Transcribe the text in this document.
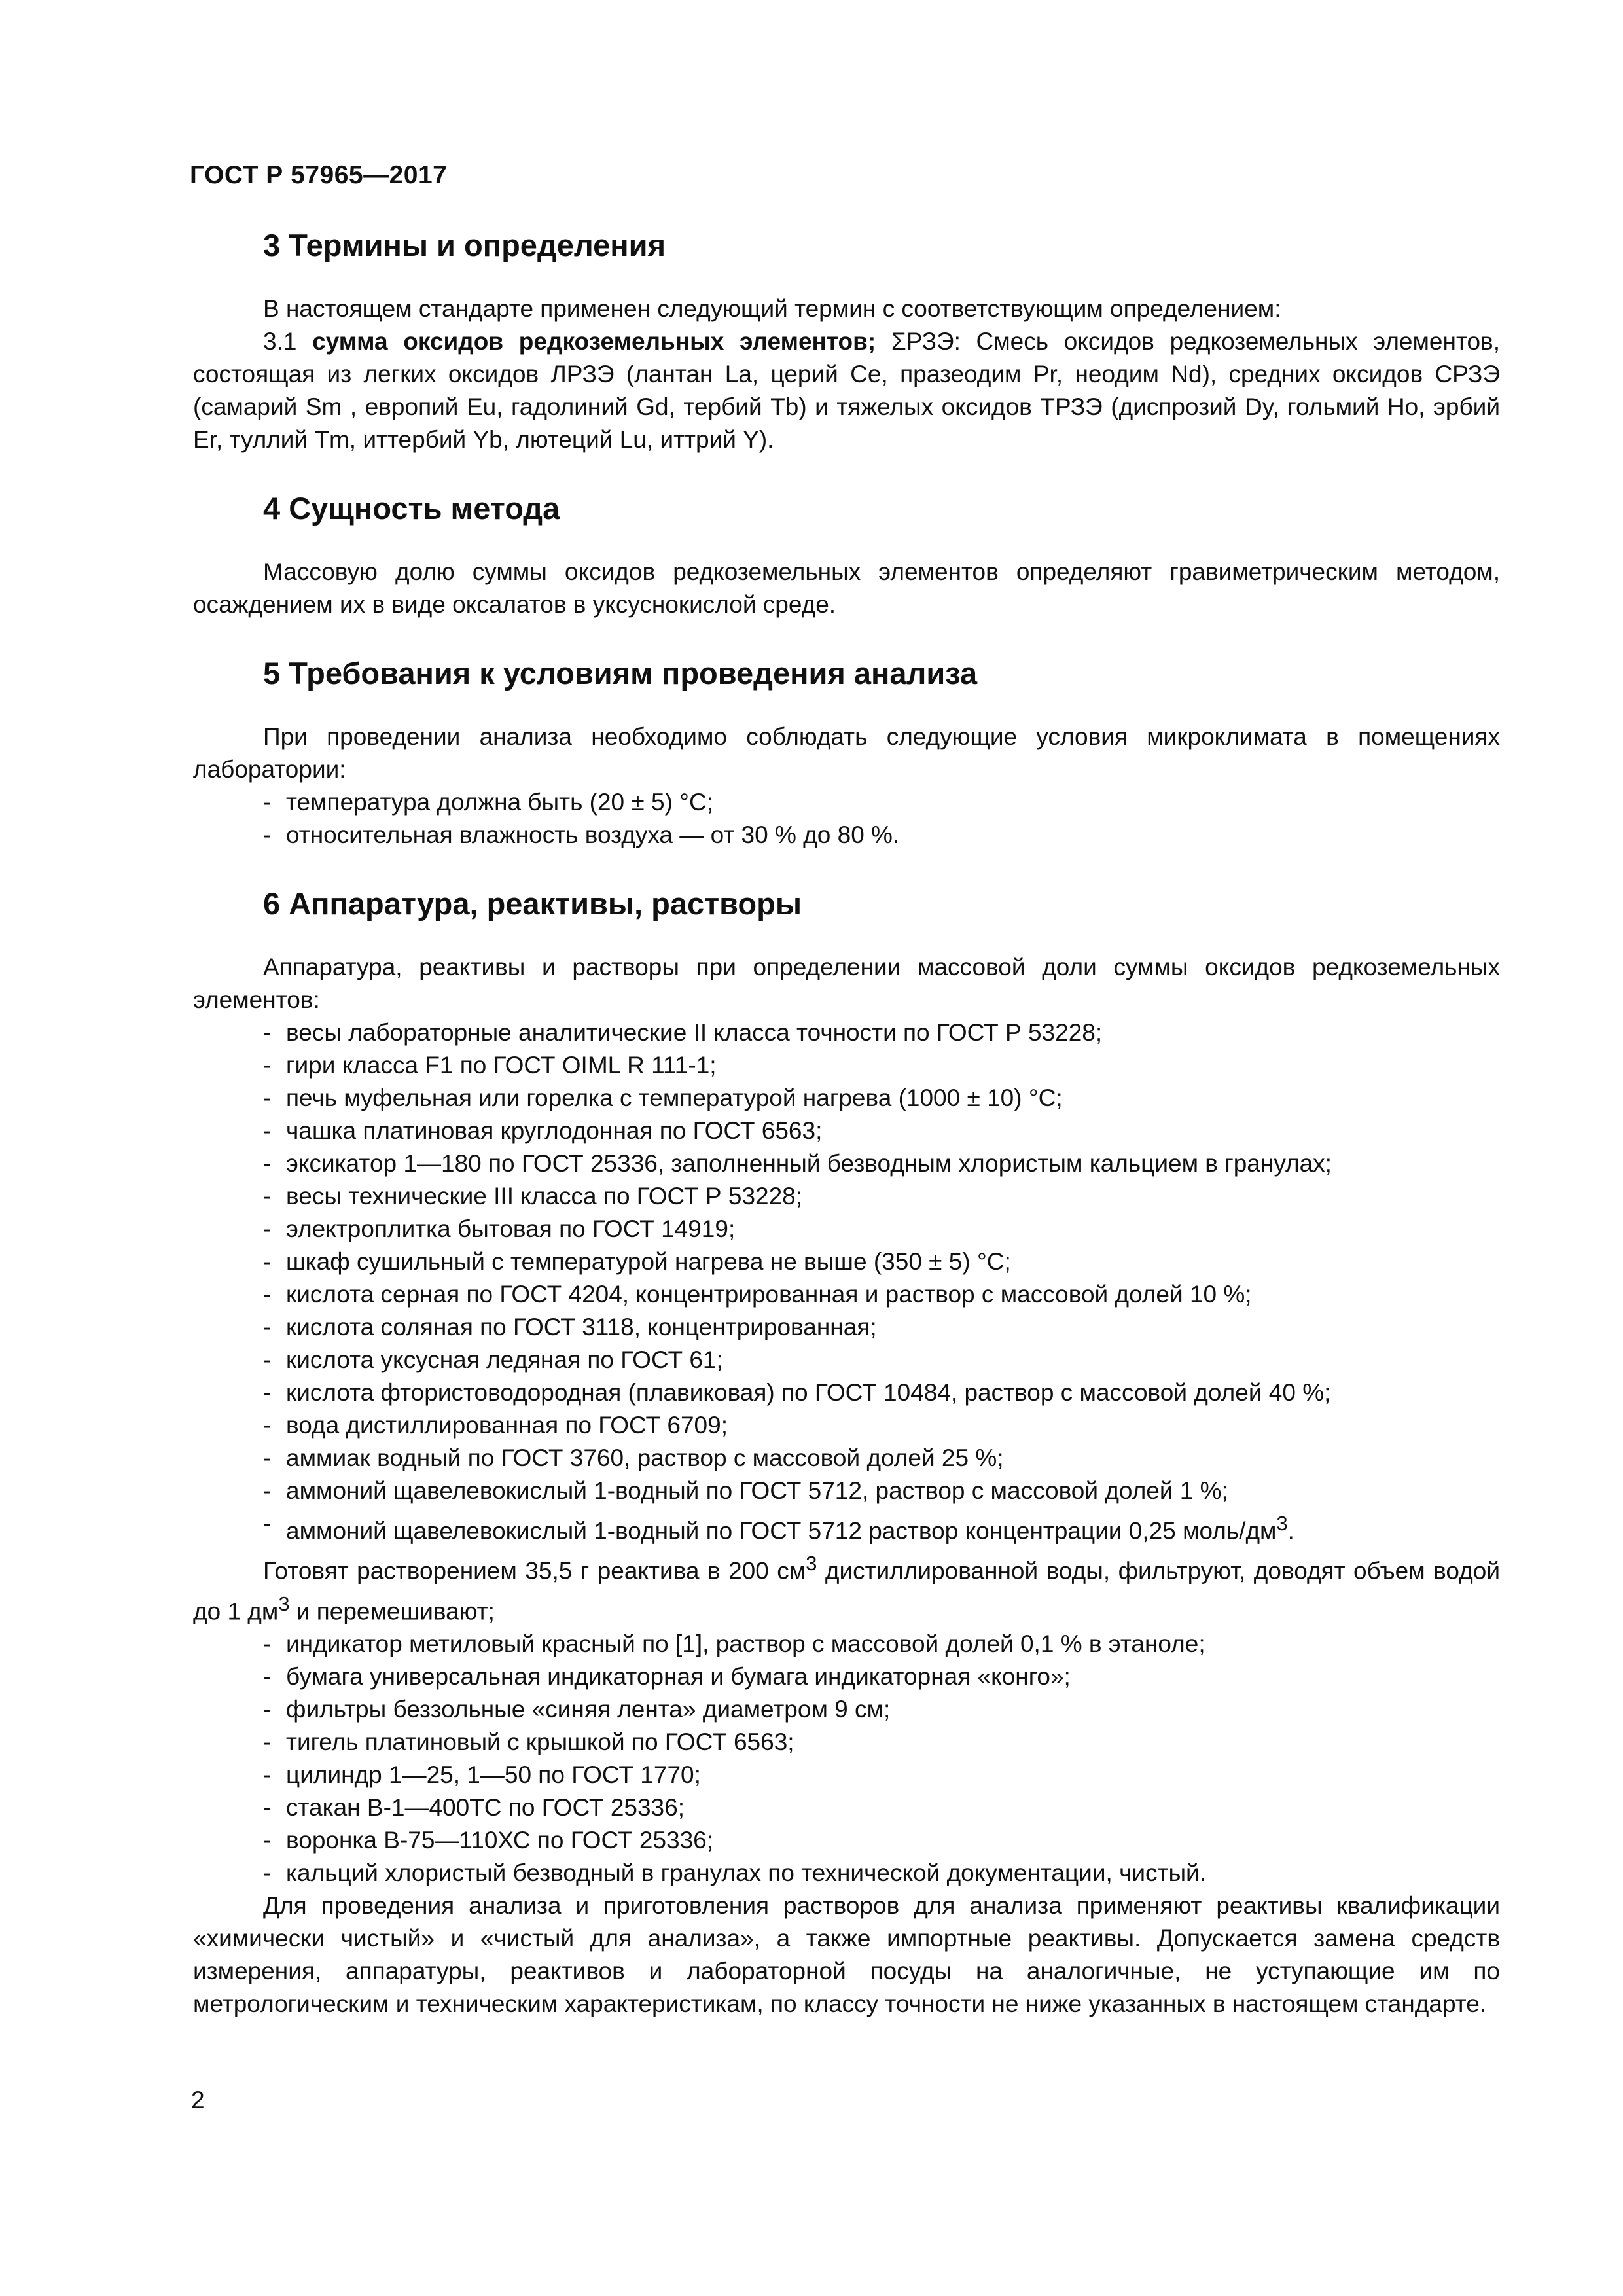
ГОСТ Р 57965—2017
3 Термины и определения

В настоящем стандарте применен следующий термин с соответствующим определением:

3.1 сумма оксидов редкоземельных элементов; ΣРЗЭ: Смесь оксидов редкоземельных элементов, состоящая из легких оксидов ЛРЗЭ (лантан La, церий Се, празеодим Pr, неодим Nd), средних оксидов СРЗЭ (самарий Sm , европий Eu, гадолиний Gd, тербий Tb) и тяжелых оксидов ТРЗЭ (диспрозий Dy, гольмий Но, эрбий Er, туллий Tm, иттербий Yb, лютеций Lu, иттрий Y).

4 Сущность метода

Массовую долю суммы оксидов редкоземельных элементов определяют гравиметрическим методом, осаждением их в виде оксалатов в уксуснокислой среде.

5 Требования к условиям проведения анализа

При проведении анализа необходимо соблюдать следующие условия микроклимата в помещениях лаборатории:

- температура должна быть (20 ± 5) °C;
- относительная влажность воздуха — от 30 % до 80 %.
6 Аппаратура, реактивы, растворы

Аппаратура, реактивы и растворы при определении массовой доли суммы оксидов редкоземельных элементов:

- весы лабораторные аналитические II класса точности по ГОСТ Р 53228;
- гири класса F1 по ГОСТ OIML R 111-1;
- печь муфельная или горелка с температурой нагрева (1000 ± 10) °C;
- чашка платиновая круглодонная по ГОСТ 6563;
- эксикатор 1—180 по ГОСТ 25336, заполненный безводным хлористым кальцием в гранулах;
- весы технические III класса по ГОСТ Р 53228;
- электроплитка бытовая по ГОСТ 14919;
- шкаф сушильный с температурой нагрева не выше (350 ± 5) °C;
- кислота серная по ГОСТ 4204, концентрированная и раствор с массовой долей 10 %;
- кислота соляная по ГОСТ 3118, концентрированная;
- кислота уксусная ледяная по ГОСТ 61;
- кислота фтористоводородная (плавиковая) по ГОСТ 10484, раствор с массовой долей 40 %;
- вода дистиллированная по ГОСТ 6709;
- аммиак водный по ГОСТ 3760, раствор с массовой долей 25 %;
- аммоний щавелевокислый 1-водный по ГОСТ 5712, раствор с массовой долей 1 %;
- аммоний щавелевокислый 1-водный по ГОСТ 5712 раствор концентрации 0,25 моль/$дм^3$.

Готовят растворением 35,5 г реактива в 200 $см^3$ дистиллированной воды, фильтруют, доводят объем водой до 1 $дм^3$ и перемешивают;

- индикатор метиловый красный по [1], раствор с массовой долей 0,1 % в этаноле;
- бумага универсальная индикаторная и бумага индикаторная «конго»;
- фильтры беззольные «синяя лента» диаметром 9 см;
- тигель платиновый с крышкой по ГОСТ 6563;
- цилиндр 1—25, 1—50 по ГОСТ 1770;
- стакан В-1—400ТС по ГОСТ 25336;
- воронка В-75—110ХС по ГОСТ 25336;
- кальций хлористый безводный в гранулах по технической документации, чистый.

Для проведения анализа и приготовления растворов для анализа применяют реактивы квалификации «химически чистый» и «чистый для анализа», а также импортные реактивы. Допускается замена средств измерения, аппаратуры, реактивов и лабораторной посуды на аналогичные, не уступающие им по метрологическим и техническим характеристикам, по классу точности не ниже указанных в настоящем стандарте.

2
